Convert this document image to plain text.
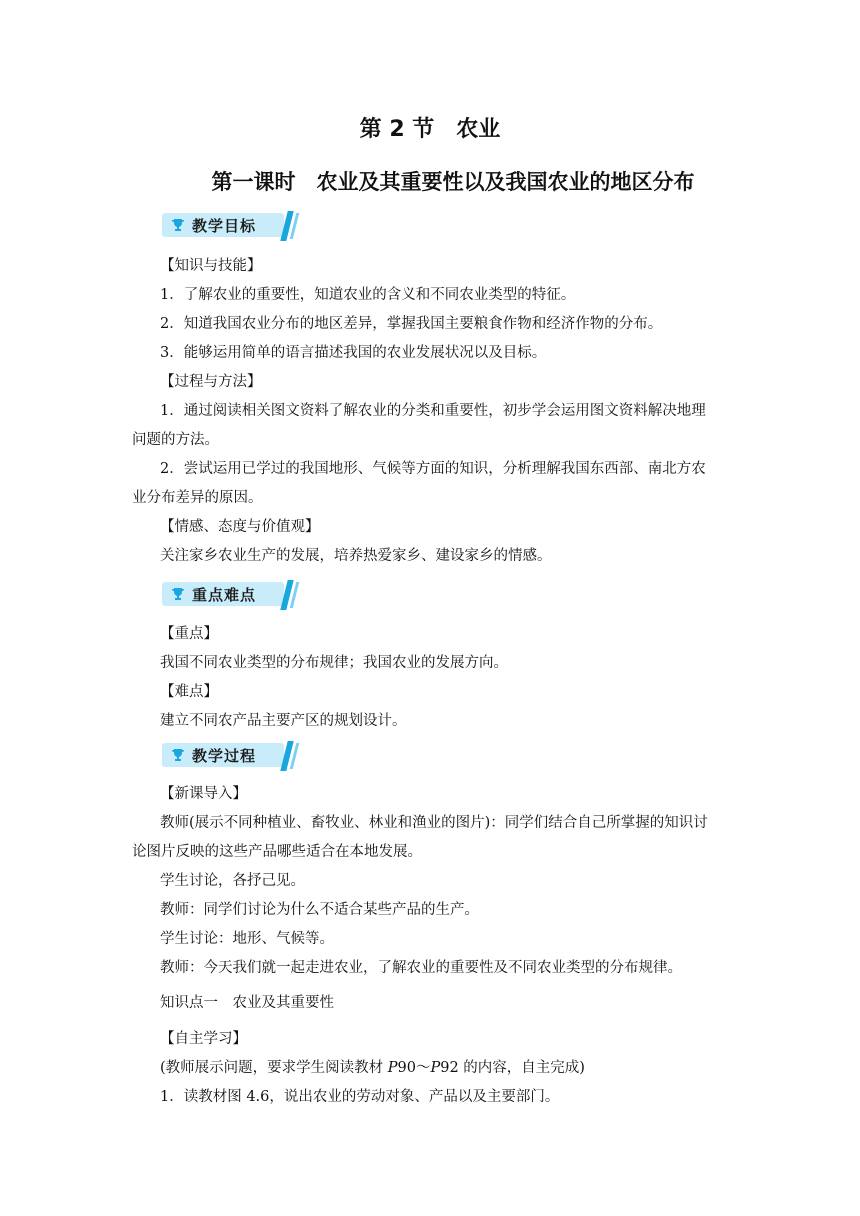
第 2 节　农业
第一课时　农业及其重要性以及我国农业的地区分布
教学目标
【知识与技能】
1．了解农业的重要性，知道农业的含义和不同农业类型的特征。
2．知道我国农业分布的地区差异，掌握我国主要粮食作物和经济作物的分布。
3．能够运用简单的语言描述我国的农业发展状况以及目标。
【过程与方法】
1．通过阅读相关图文资料了解农业的分类和重要性，初步学会运用图文资料解决地理
问题的方法。
2．尝试运用已学过的我国地形、气候等方面的知识，分析理解我国东西部、南北方农
业分布差异的原因。
【情感、态度与价值观】
关注家乡农业生产的发展，培养热爱家乡、建设家乡的情感。
重点难点
【重点】
我国不同农业类型的分布规律；我国农业的发展方向。
【难点】
建立不同农产品主要产区的规划设计。
教学过程
【新课导入】
教师(展示不同种植业、畜牧业、林业和渔业的图片)：同学们结合自己所掌握的知识讨
论图片反映的这些产品哪些适合在本地发展。
学生讨论，各抒己见。
教师：同学们讨论为什么不适合某些产品的生产。
学生讨论：地形、气候等。
教师：今天我们就一起走进农业，了解农业的重要性及不同农业类型的分布规律。
知识点一　农业及其重要性
【自主学习】
(教师展示问题，要求学生阅读教材 P90～P92 的内容，自主完成)
1．读教材图 4.6，说出农业的劳动对象、产品以及主要部门。
